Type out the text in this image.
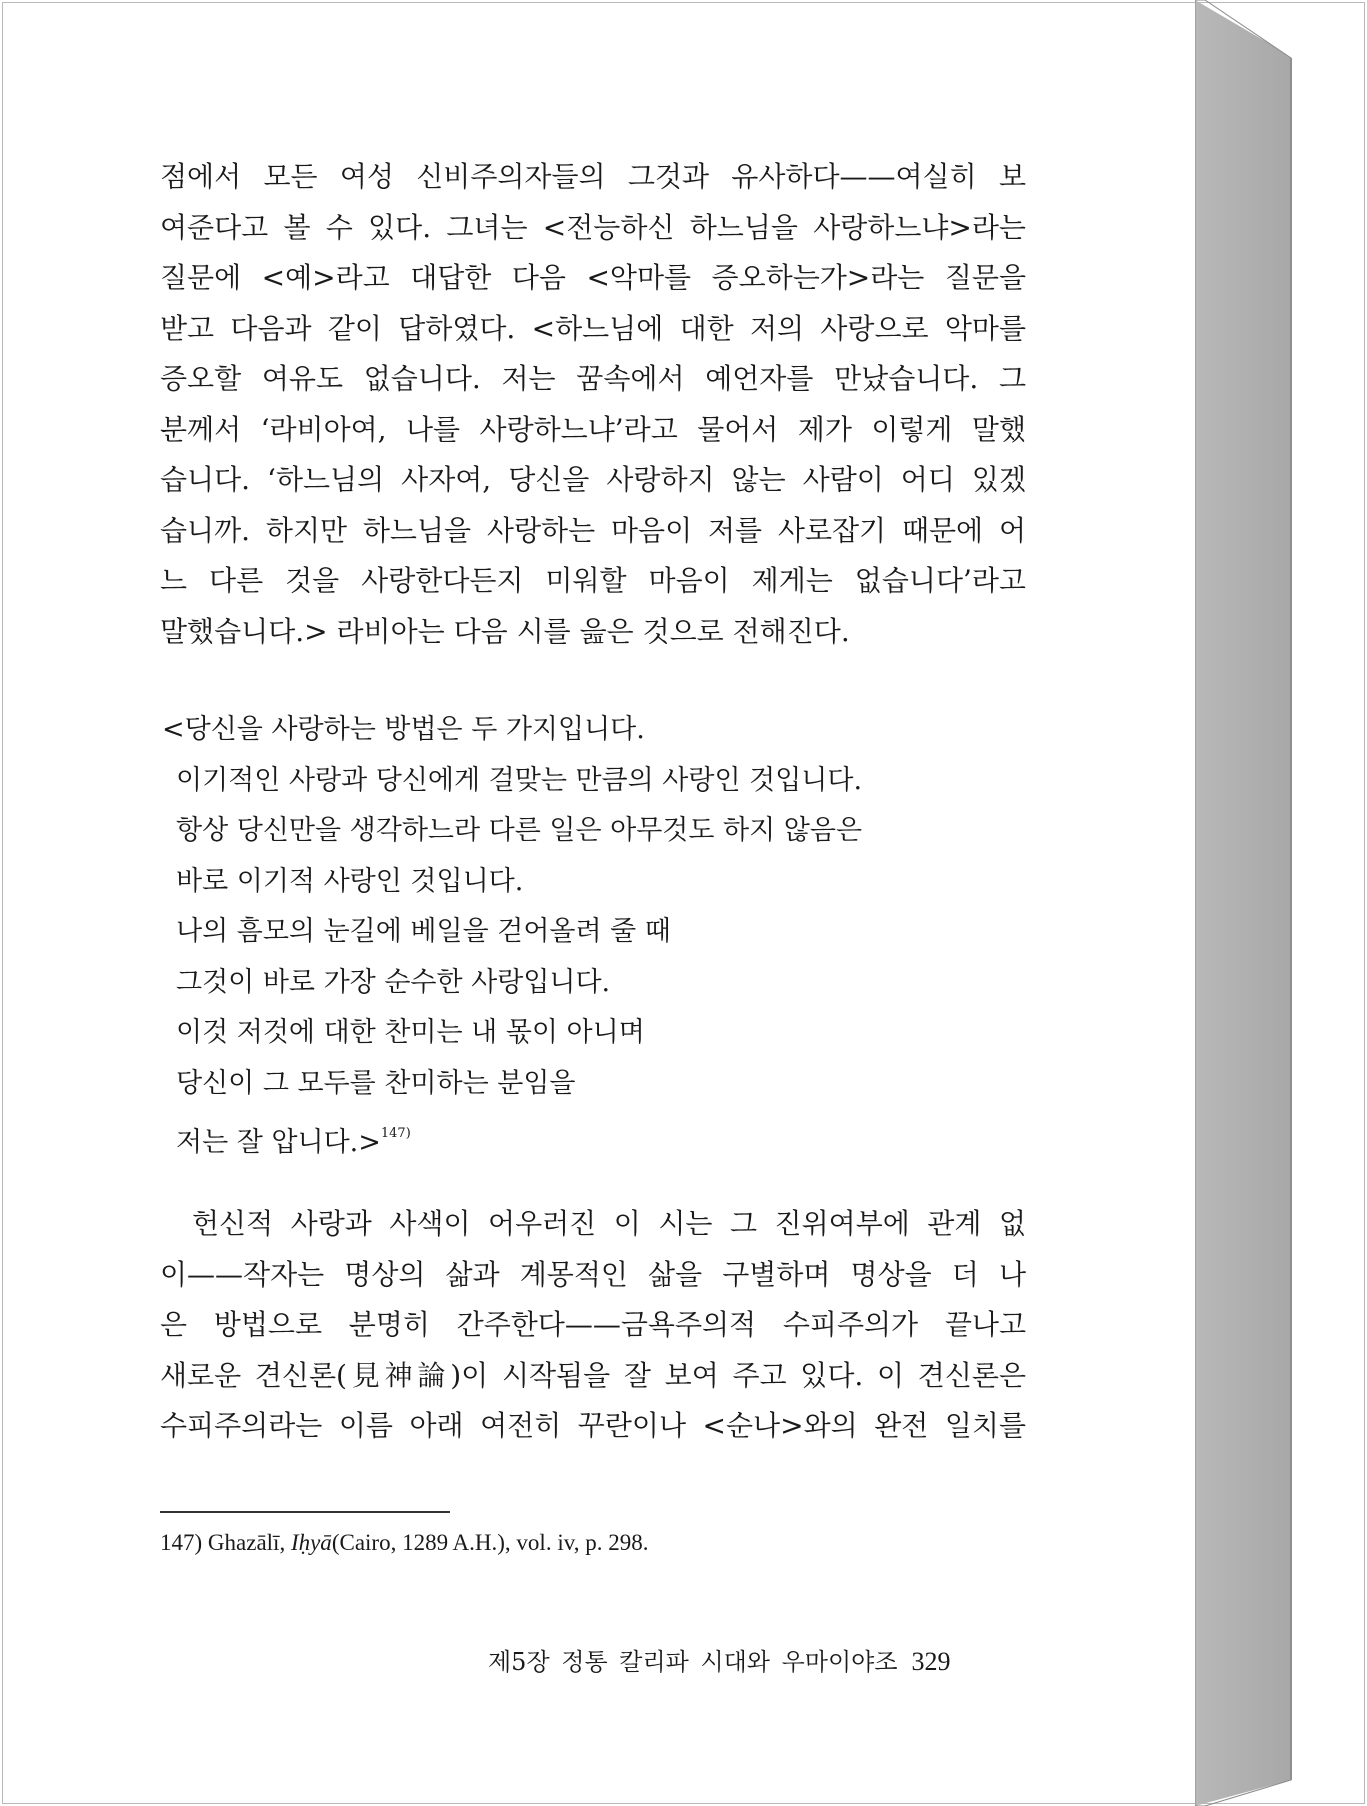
점에서 모든 여성 신비주의자들의 그것과 유사하다——여실히 보

여준다고 볼 수 있다. 그녀는 <전능하신 하느님을 사랑하느냐>라는

질문에 <예>라고 대답한 다음 <악마를 증오하는가>라는 질문을

받고 다음과 같이 답하였다. <하느님에 대한 저의 사랑으로 악마를

증오할 여유도 없습니다. 저는 꿈속에서 예언자를 만났습니다. 그

분께서 ‘라비아여, 나를 사랑하느냐’라고 물어서 제가 이렇게 말했

습니다. ‘하느님의 사자여, 당신을 사랑하지 않는 사람이 어디 있겠

습니까. 하지만 하느님을 사랑하는 마음이 저를 사로잡기 때문에 어

느 다른 것을 사랑한다든지 미워할 마음이 제게는 없습니다’라고

말했습니다.> 라비아는 다음 시를 읊은 것으로 전해진다.

<당신을 사랑하는 방법은 두 가지입니다.

이기적인 사랑과 당신에게 걸맞는 만큼의 사랑인 것입니다.

항상 당신만을 생각하느라 다른 일은 아무것도 하지 않음은

바로 이기적 사랑인 것입니다.

나의 흠모의 눈길에 베일을 걷어올려 줄 때

그것이 바로 가장 순수한 사랑입니다.

이것 저것에 대한 찬미는 내 몫이 아니며

당신이 그 모두를 찬미하는 분임을

저는 잘 압니다.>$^{147)}$

헌신적 사랑과 사색이 어우러진 이 시는 그 진위여부에 관계 없

이——작자는 명상의 삶과 계몽적인 삶을 구별하며 명상을 더 나

은 방법으로 분명히 간주한다——금욕주의적 수피주의가 끝나고

새로운 견신론(見神論)이 시작됨을 잘 보여 주고 있다. 이 견신론은

수피주의라는 이름 아래 여전히 꾸란이나 <순나>와의 완전 일치를

147) Ghazālī, Iḥyā(Cairo, 1289 A.H.), vol. iv, p. 298.
제5장 정통 칼리파 시대와 우마이야조 329
